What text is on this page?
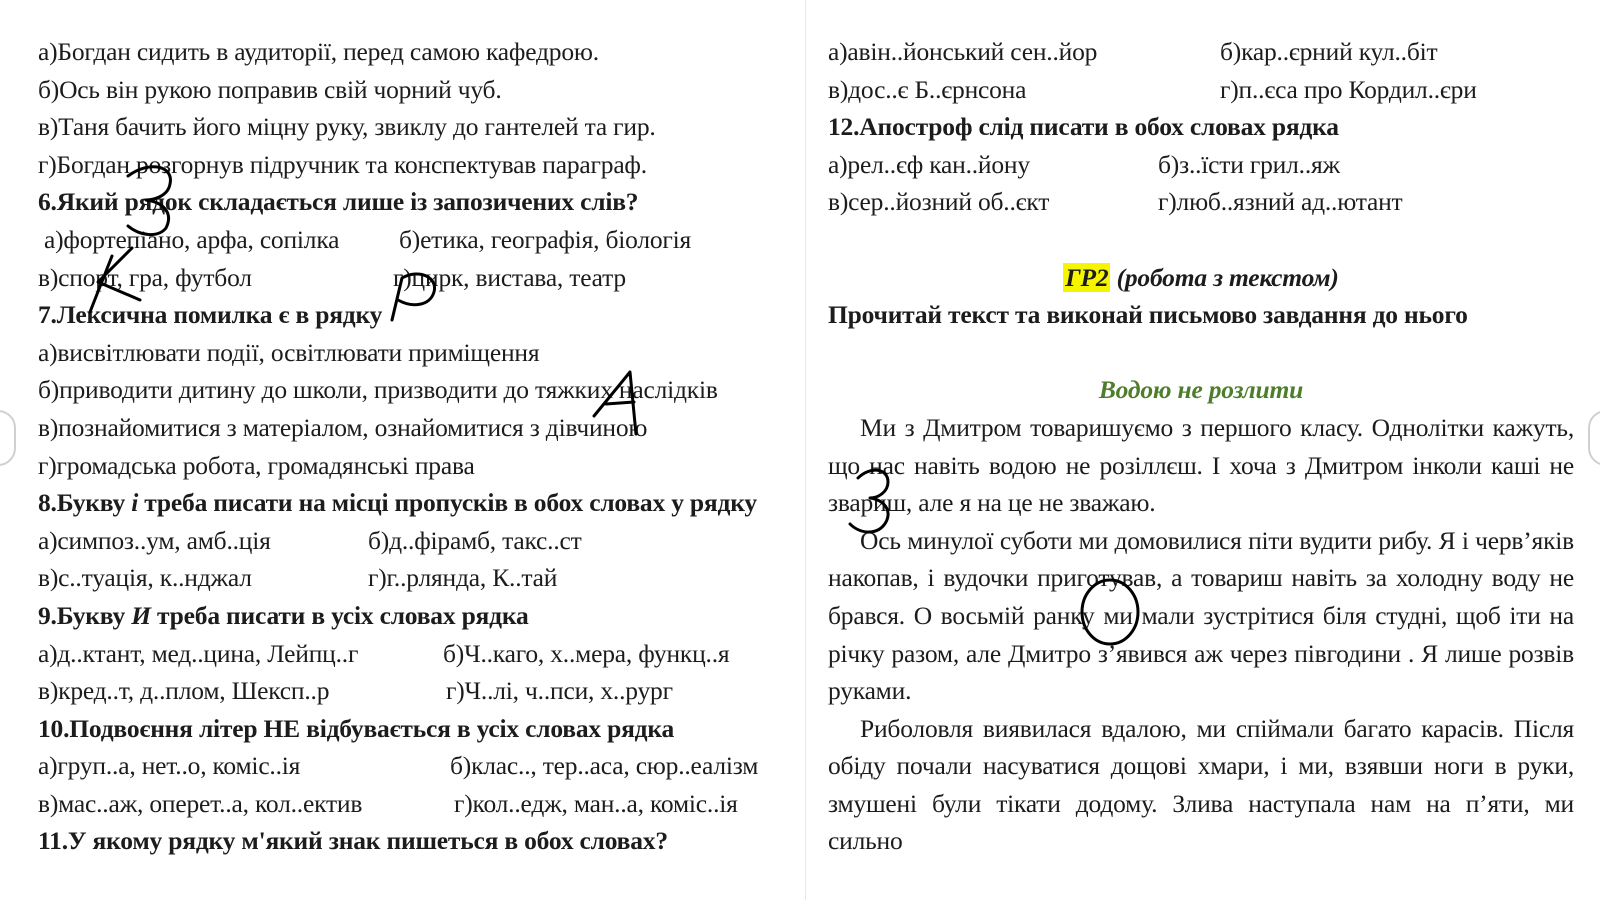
а)Богдан сидить в аудиторії, перед самою кафедрою.
б)Ось він рукою поправив свій чорний чуб.
в)Таня бачить його міцну руку, звиклу до гантелей та гир.
г)Богдан розгорнув підручник та конспектував параграф.
6.Який рядок складається лише із запозичених слів?
а)фортепіано, арфа, сопілка	б)етика, географія, біологія
в)спорт, гра, футбол	г)цирк, вистава, театр
7.Лексична помилка є в рядку
а)висвітлювати події, освітлювати приміщення
б)приводити дитину до школи, призводити до тяжких наслідків
в)познайомитися з матеріалом, ознайомитися з дівчиною
г)громадська робота, громадянські права
8.Букву і треба писати на місці пропусків в обох словах у рядку
а)симпоз..ум, амб..ція	б)д..фірамб, такс..ст
в)с..туація, к..нджал	г)г..рлянда, К..тай
9.Букву И треба писати в усіх словах рядка
а)д..ктант, мед..цина, Лейпц..г	б)Ч..каго, х..мера, функц..я
в)кред..т, д..плом, Шексп..р	г)Ч..лі, ч..пси, х..рург
10.Подвоєння літер НЕ відбувається в усіх словах рядка
а)груп..а, нет..о, коміс..ія	б)клас.., тер..аса, сюр..еалізм
в)мас..аж, оперет..а, кол..ектив	г)кол..едж, ман..а, коміс..ія
11.У якому рядку м'який знак пишеться в обох словах?
а)авін..йонський сен..йор	б)кар..єрний кул..біт
в)дос..є Б..єрнсона	г)п..єса про Кордил..єри
12.Апостроф слід писати в обох словах рядка
а)рел..єф кан..йону	б)з..їсти грил..яж
в)сер..йозний об..єкт	г)люб..язний ад..ютант
ГР2 (робота з текстом)
Прочитай текст та виконай письмово завдання до нього
Водою не розлити

Ми з Дмитром товаришуємо з першого класу. Однолітки кажуть, що нас навіть водою не розіллєш. І хоча з Дмитром інколи каші не звариш, але я на це не зважаю.

Ось минулої суботи ми домовилися піти вудити рибу. Я і черв’яків накопав, і вудочки приготував, а товариш навіть за холодну воду не брався. О восьмій ранку ми мали зустрітися біля студні, щоб іти на річку разом, але Дмитро з’явився аж через півгодини . Я лише розвів руками.

Риболовля виявилася вдалою, ми спіймали багато карасів. Після обіду почали насуватися дощові хмари, і ми, взявши ноги в руки, змушені були тікати додому. Злива наступала нам на п’яти, ми сильно
